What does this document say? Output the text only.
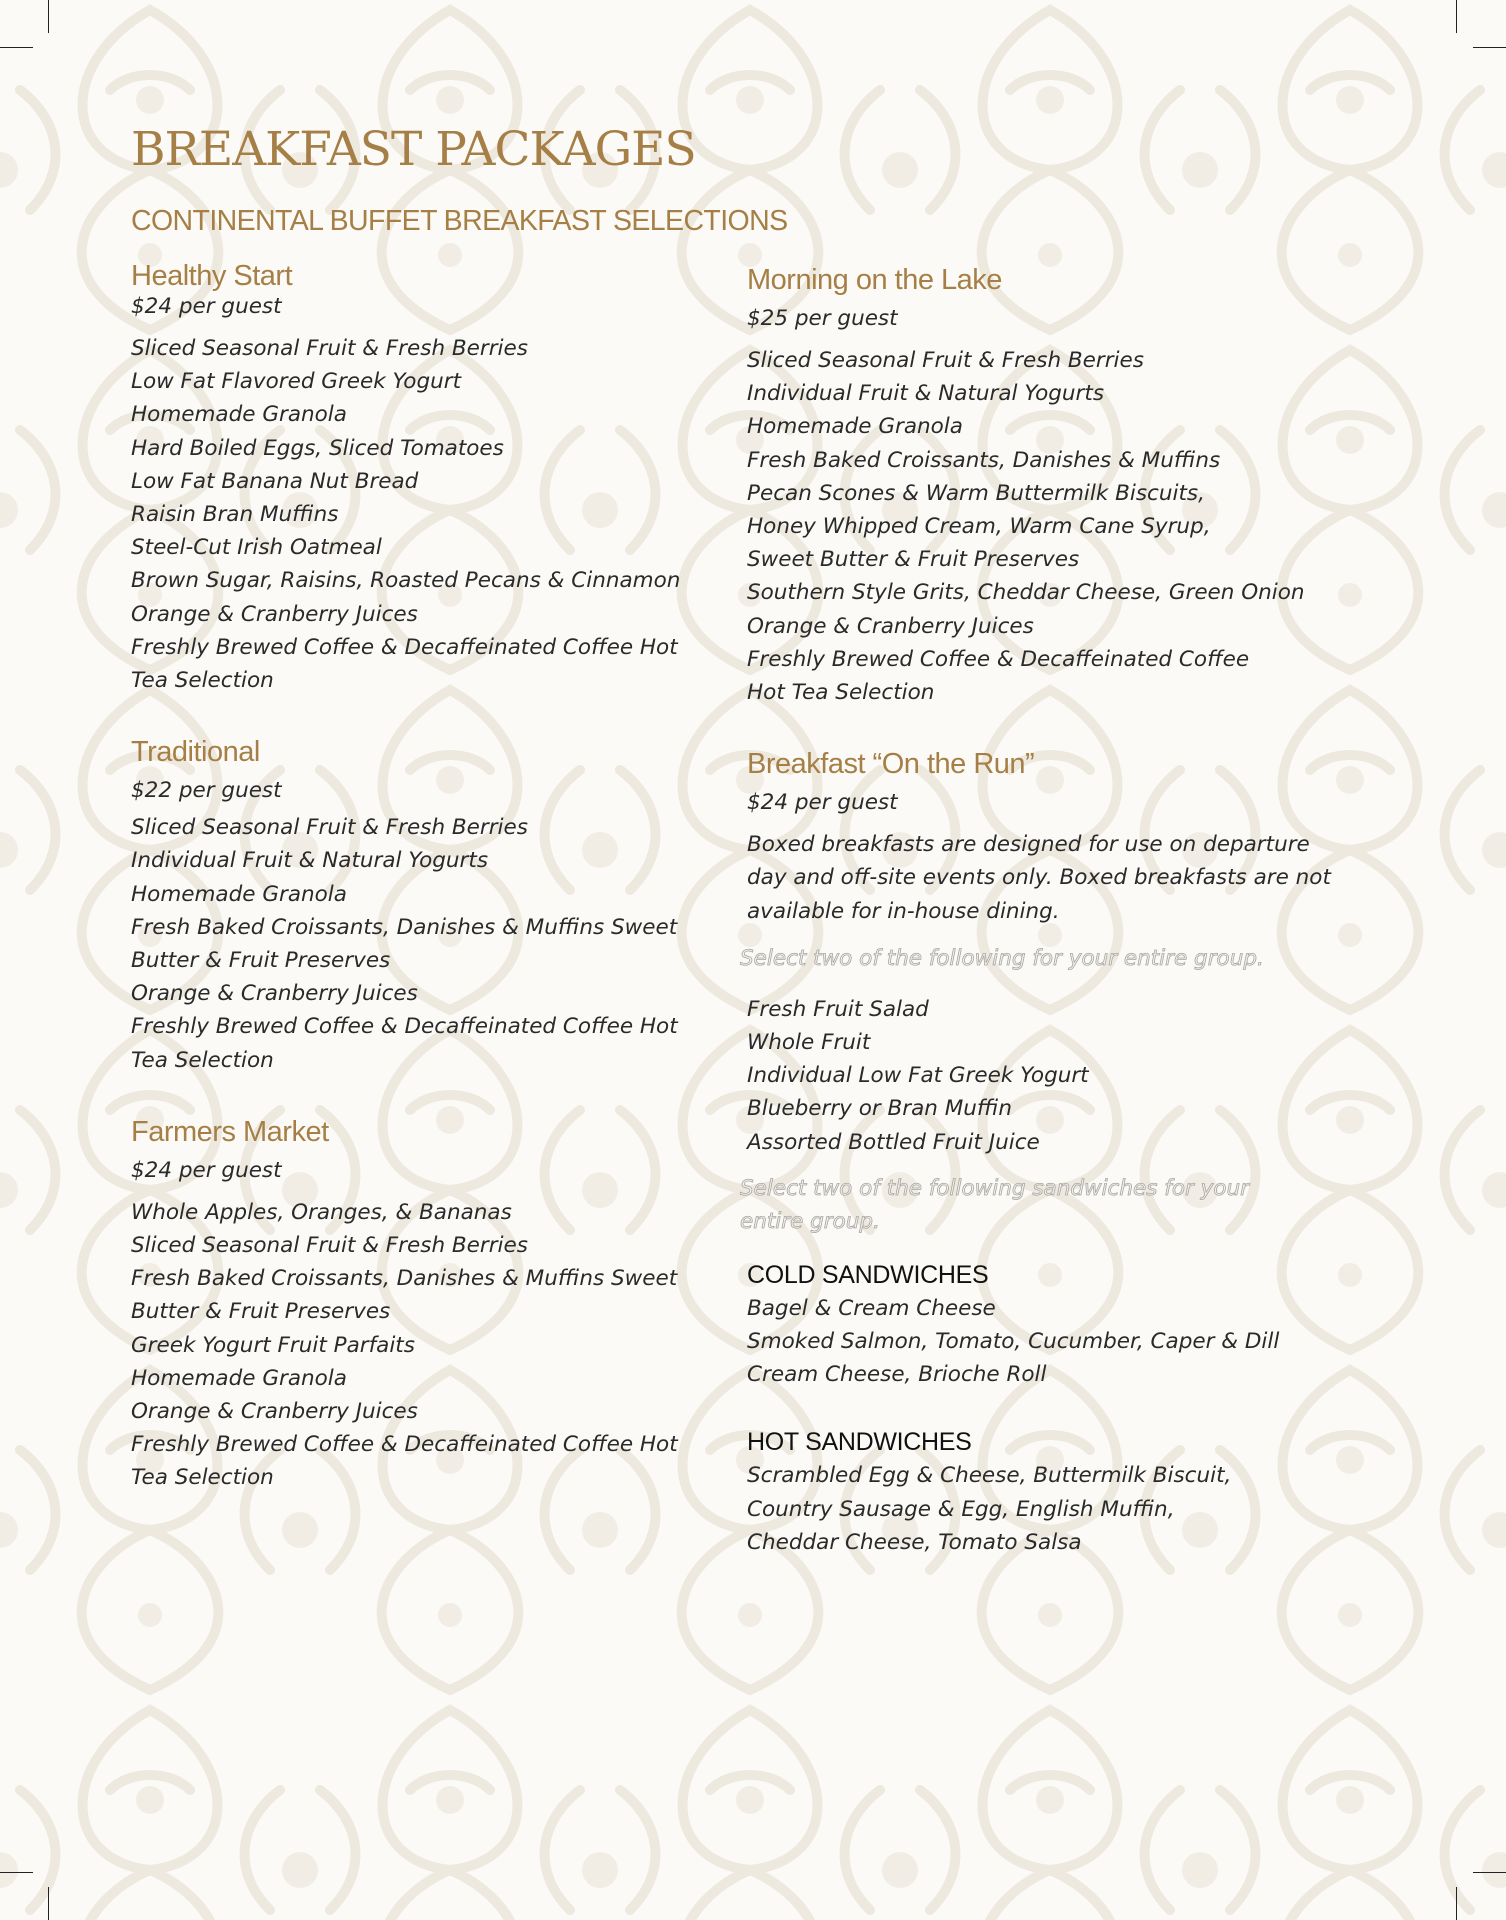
BREAKFAST PACKAGES
CONTINENTAL BUFFET BREAKFAST SELECTIONS
Healthy Start

$24 per guest

Sliced Seasonal Fruit & Fresh Berries
Low Fat Flavored Greek Yogurt
Homemade Granola
Hard Boiled Eggs, Sliced Tomatoes
Low Fat Banana Nut Bread
Raisin Bran Muffins
Steel-Cut Irish Oatmeal
Brown Sugar, Raisins, Roasted Pecans & Cinnamon
Orange & Cranberry Juices
Freshly Brewed Coffee & Decaffeinated Coffee Hot
Tea Selection
Traditional

$22 per guest

Sliced Seasonal Fruit & Fresh Berries
Individual Fruit & Natural Yogurts
Homemade Granola
Fresh Baked Croissants, Danishes & Muffins Sweet
Butter & Fruit Preserves
Orange & Cranberry Juices
Freshly Brewed Coffee & Decaffeinated Coffee Hot
Tea Selection
Farmers Market

$24 per guest

Whole Apples, Oranges, & Bananas
Sliced Seasonal Fruit & Fresh Berries
Fresh Baked Croissants, Danishes & Muffins Sweet
Butter & Fruit Preserves
Greek Yogurt Fruit Parfaits
Homemade Granola
Orange & Cranberry Juices
Freshly Brewed Coffee & Decaffeinated Coffee Hot
Tea Selection
Morning on the Lake

$25 per guest

Sliced Seasonal Fruit & Fresh Berries
Individual Fruit & Natural Yogurts
Homemade Granola
Fresh Baked Croissants, Danishes & Muffins
Pecan Scones & Warm Buttermilk Biscuits,
Honey Whipped Cream, Warm Cane Syrup,
Sweet Butter & Fruit Preserves
Southern Style Grits, Cheddar Cheese, Green Onion
Orange & Cranberry Juices
Freshly Brewed Coffee & Decaffeinated Coffee
Hot Tea Selection
Breakfast “On the Run”

$24 per guest

Boxed breakfasts are designed for use on departure

day and off-site events only. Boxed breakfasts are not

available for in-house dining.

Select two of the following for your entire group.

Fresh Fruit Salad
Whole Fruit
Individual Low Fat Greek Yogurt
Blueberry or Bran Muffin
Assorted Bottled Fruit Juice

Select two of the following sandwiches for your

entire group.

COLD SANDWICHES
Bagel & Cream Cheese
Smoked Salmon, Tomato, Cucumber, Caper & Dill
Cream Cheese, Brioche Roll
HOT SANDWICHES
Scrambled Egg & Cheese, Buttermilk Biscuit,
Country Sausage & Egg, English Muffin,
Cheddar Cheese, Tomato Salsa
